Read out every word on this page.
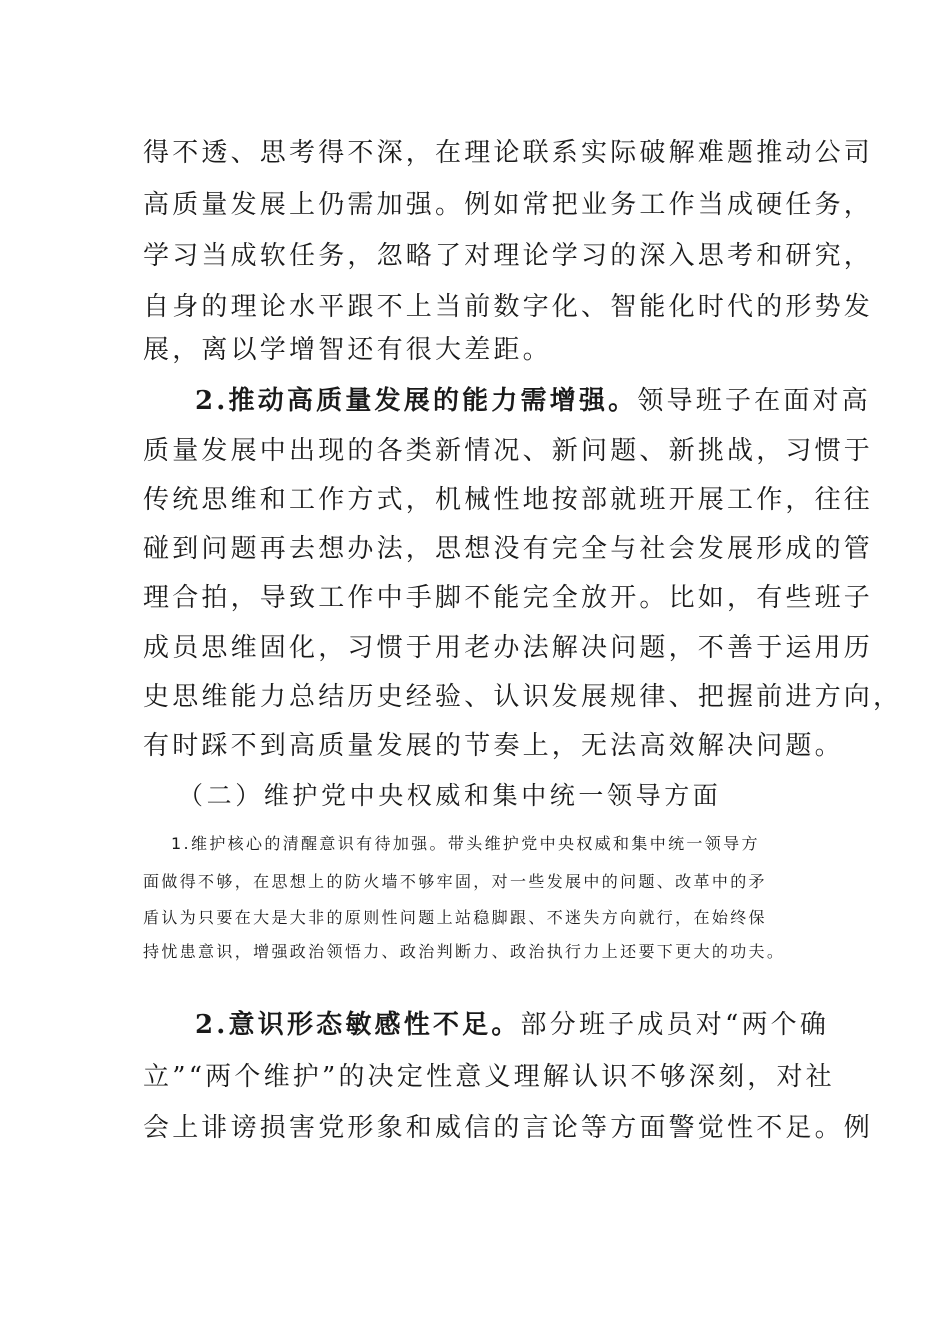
得不透、思考得不深，在理论联系实际破解难题推动公司
高质量发展上仍需加强。例如常把业务工作当成硬任务，
学习当成软任务，忽略了对理论学习的深入思考和研究，
自身的理论水平跟不上当前数字化、智能化时代的形势发
展，离以学增智还有很大差距。
2.推动高质量发展的能力需增强。领导班子在面对高
质量发展中出现的各类新情况、新问题、新挑战，习惯于
传统思维和工作方式，机械性地按部就班开展工作，往往
碰到问题再去想办法，思想没有完全与社会发展形成的管
理合拍，导致工作中手脚不能完全放开。比如，有些班子
成员思维固化，习惯于用老办法解决问题，不善于运用历
史思维能力总结历史经验、认识发展规律、把握前进方向，
有时踩不到高质量发展的节奏上，无法高效解决问题。
（二）维护党中央权威和集中统一领导方面
1.维护核心的清醒意识有待加强。带头维护党中央权威和集中统一领导方
面做得不够，在思想上的防火墙不够牢固，对一些发展中的问题、改革中的矛
盾认为只要在大是大非的原则性问题上站稳脚跟、不迷失方向就行，在始终保
持忧患意识，增强政治领悟力、政治判断力、政治执行力上还要下更大的功夫。
2.意识形态敏感性不足。部分班子成员对“两个确
立”“两个维护”的决定性意义理解认识不够深刻，对社
会上诽谤损害党形象和威信的言论等方面警觉性不足。例
